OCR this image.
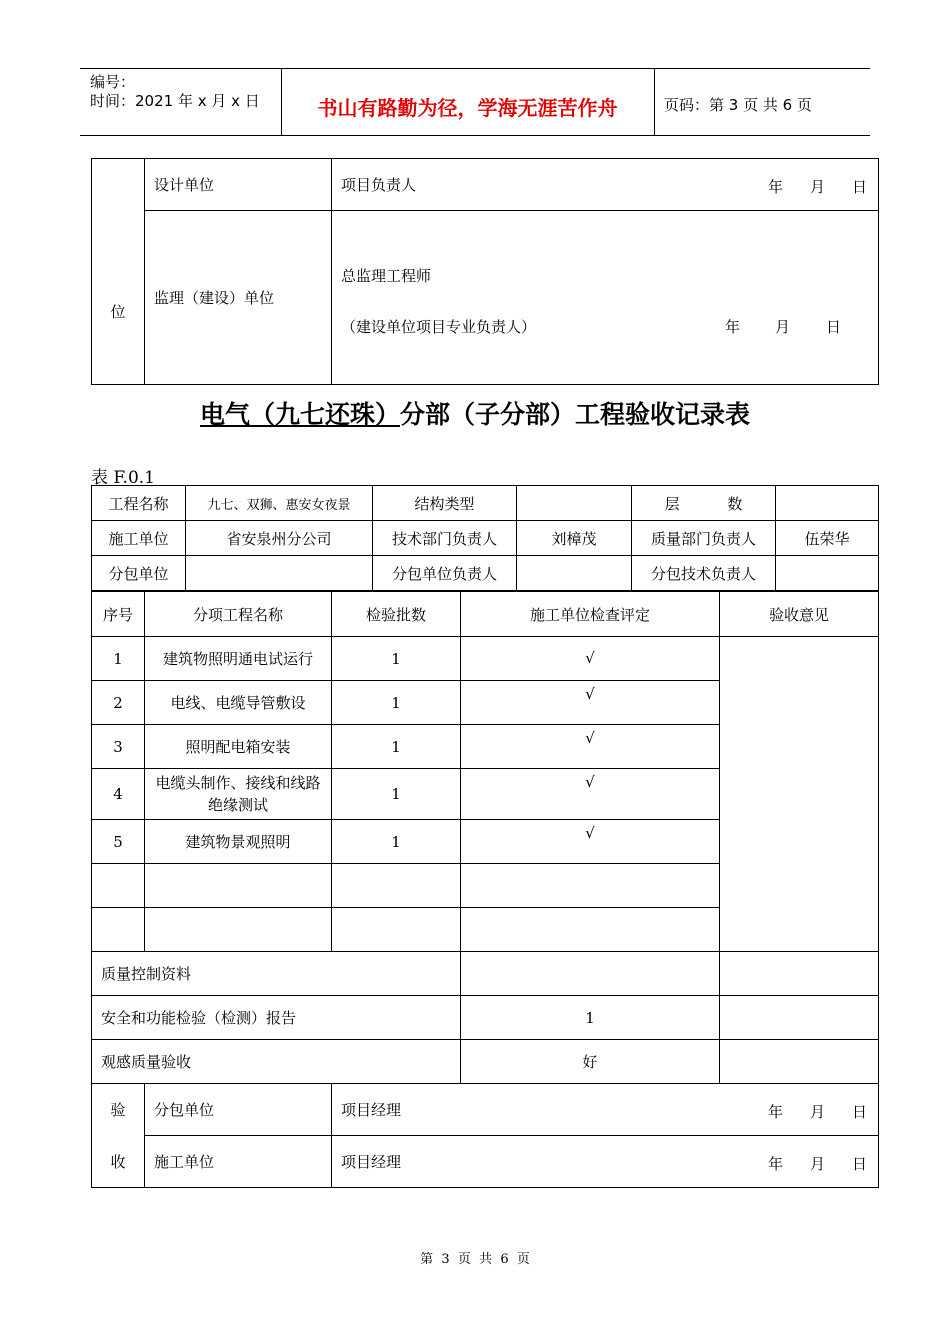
编号：
时间：2021 年 x 月 x 日	书山有路勤为径，学海无涯苦作舟	页码：第 3 页 共 6 页
位	设计单位	项目负责人 年 月 日

	监理（建设）单位	总监理工程师
（建设单位项目专业负责人） 年 月 日
电气（九七还珠）分部（子分部）工程验收记录表
表 F.0.1
工程名称	九七、双狮、惠安女夜景	结构类型		层          数	
施工单位	省安泉州分公司	技术部门负责人	刘樟茂	质量部门负责人	伍荣华
分包单位		分包单位负责人		分包技术负责人	
序号	分项工程名称	检验批数	施工单位检查评定	验收意见
1	建筑物照明通电试运行	1	√	
2	电线、电缆导管敷设	1	√	
3	照明配电箱安装	1	√	
4	电缆头制作、接线和线路绝缘测试	1	√	
5	建筑物景观照明	1	√	

质量控制资料				
安全和功能检验（检测）报告			1	
观感质量验收			好	
验	分包单位	项目经理 年 月 日		

收	施工单位	项目经理 年 月 日		
第  3  页  共  6  页
